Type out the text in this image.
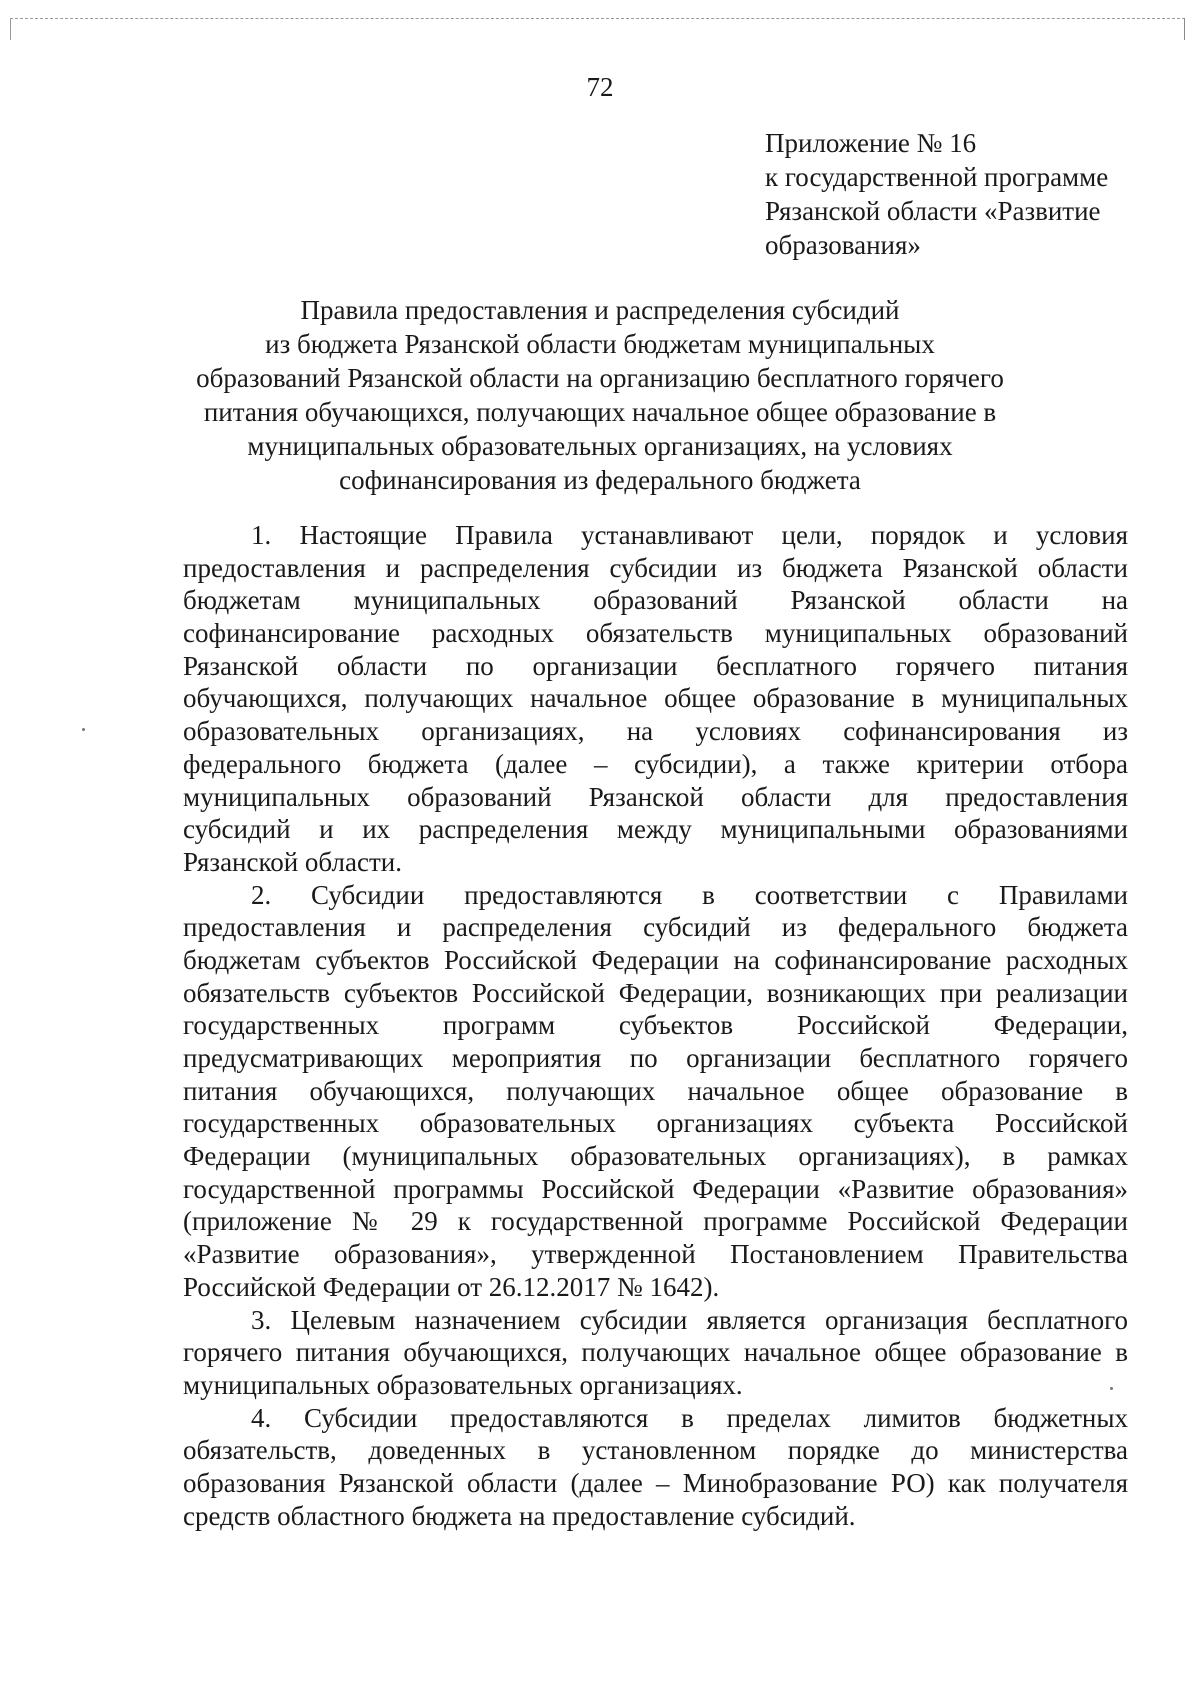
72
Приложение № 16
к государственной программе
Рязанской области «Развитие
образования»
Правила предоставления и распределения субсидий
из бюджета Рязанской области бюджетам муниципальных
образований Рязанской области на организацию бесплатного горячего
питания обучающихся, получающих начальное общее образование в
муниципальных образовательных организациях, на условиях
софинансирования из федерального бюджета
1. Настоящие Правила устанавливают цели, порядок и условия
предоставления и распределения субсидии из бюджета Рязанской области
бюджетам муниципальных образований Рязанской области на
софинансирование расходных обязательств муниципальных образований
Рязанской области по организации бесплатного горячего питания
обучающихся, получающих начальное общее образование в муниципальных
образовательных организациях, на условиях софинансирования из
федерального бюджета (далее – субсидии), а также критерии отбора
муниципальных образований Рязанской области для предоставления
субсидий и их распределения между муниципальными образованиями
Рязанской области.
2. Субсидии предоставляются в соответствии с Правилами
предоставления и распределения субсидий из федерального бюджета
бюджетам субъектов Российской Федерации на софинансирование расходных
обязательств субъектов Российской Федерации, возникающих при реализации
государственных программ субъектов Российской Федерации,
предусматривающих мероприятия по организации бесплатного горячего
питания обучающихся, получающих начальное общее образование в
государственных образовательных организациях субъекта Российской
Федерации (муниципальных образовательных организациях), в рамках
государственной программы Российской Федерации «Развитие образования»
(приложение № 29 к государственной программе Российской Федерации
«Развитие образования», утвержденной Постановлением Правительства
Российской Федерации от 26.12.2017 № 1642).
3. Целевым назначением субсидии является организация бесплатного
горячего питания обучающихся, получающих начальное общее образование в
муниципальных образовательных организациях.
4. Субсидии предоставляются в пределах лимитов бюджетных
обязательств, доведенных в установленном порядке до министерства
образования Рязанской области (далее – Минобразование РО) как получателя
средств областного бюджета на предоставление субсидий.
